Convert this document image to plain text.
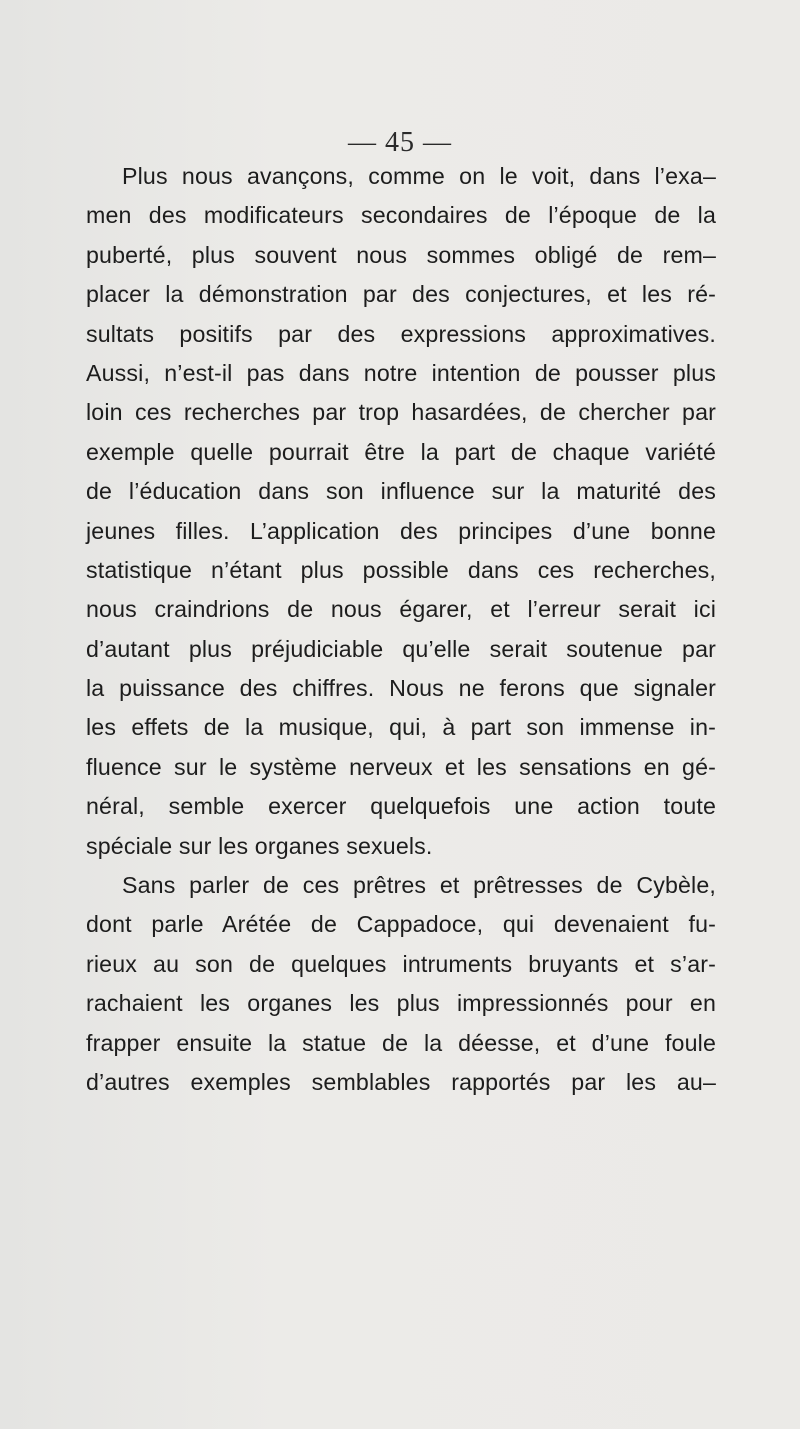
— 45 —
Plus nous avançons, comme on le voit, dans l’exa–
men des modificateurs secondaires de l’époque de la
puberté, plus souvent nous sommes obligé de rem–
placer la démonstration par des conjectures, et les ré-
sultats positifs par des expressions approximatives.
Aussi, n’est-il pas dans notre intention de pousser plus
loin ces recherches par trop hasardées, de chercher par
exemple quelle pourrait être la part de chaque variété
de l’éducation dans son influence sur la maturité des
jeunes filles. L’application des principes d’une bonne
statistique n’étant plus possible dans ces recherches,
nous craindrions de nous égarer, et l’erreur serait ici
d’autant plus préjudiciable qu’elle serait soutenue par
la puissance des chiffres. Nous ne ferons que signaler
les effets de la musique, qui, à part son immense in-
fluence sur le système nerveux et les sensations en gé-
néral, semble exercer quelquefois une action toute
spéciale sur les organes sexuels.
Sans parler de ces prêtres et prêtresses de Cybèle,
dont parle Arétée de Cappadoce, qui devenaient fu-
rieux au son de quelques intruments bruyants et s’ar-
rachaient les organes les plus impressionnés pour en
frapper ensuite la statue de la déesse, et d’une foule
d’autres exemples semblables rapportés par les au–
